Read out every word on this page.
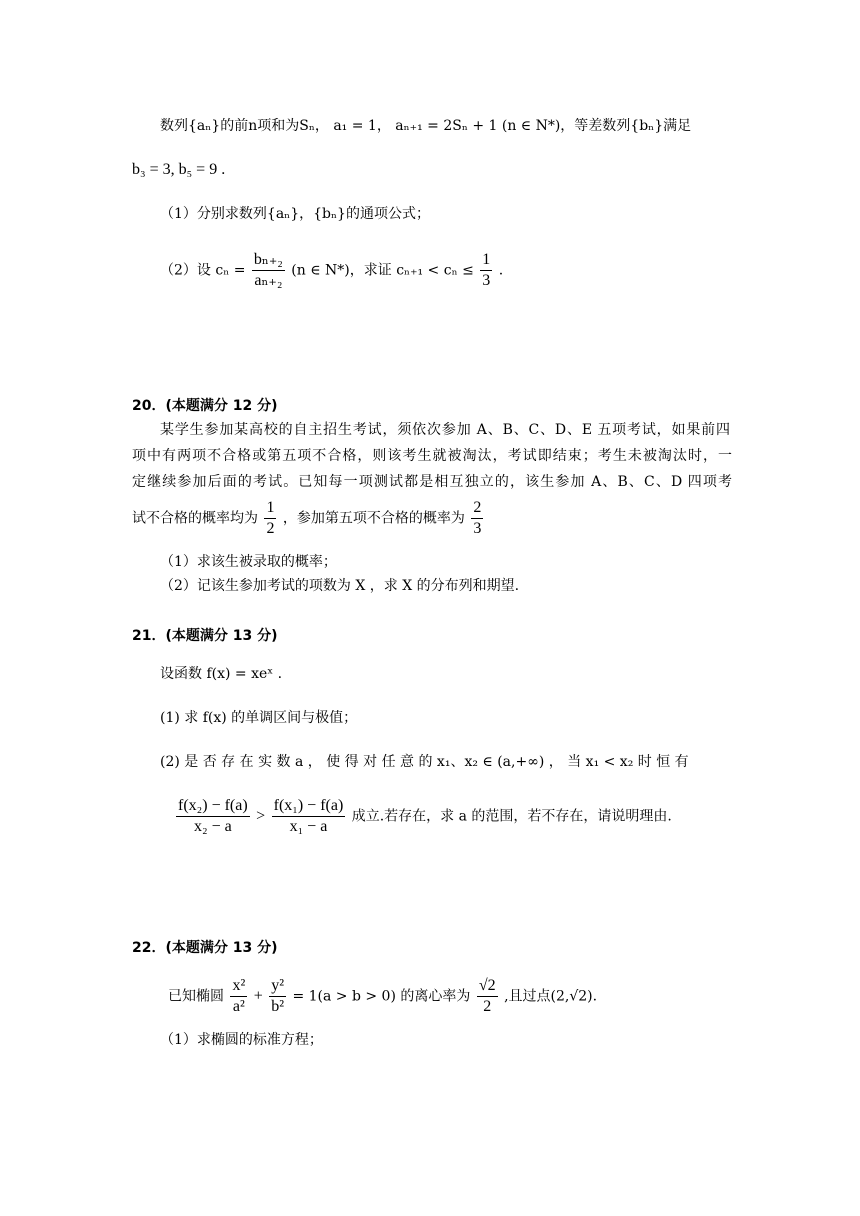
数列{aₙ}的前n项和为Sₙ， a₁ = 1， aₙ₊₁ = 2Sₙ + 1 (n ∈ N*)，等差数列{bₙ}满足
b₃ = 3, b₅ = 9 .
（1）分别求数列{aₙ}，{bₙ}的通项公式；
（2）设 $c_n = \frac{\text{bₙ₊₂}}{\text{aₙ₊₂}} (n$ ∈ N*)，求证 $c_{n+1} < c_n \le \frac{1}{3}$ .
20．(本题满分 12 分)
某学生参加某高校的自主招生考试，须依次参加 A、B、C、D、E 五项考试，如果前四
项中有两项不合格或第五项不合格，则该考生就被淘汰，考试即结束；考生未被淘汰时，一
定继续参加后面的考试。已知每一项测试都是相互独立的，该生参加 A、B、C、D 四项考
试不合格的概率均为 $\frac{1}{2}$ ，参加第五项不合格的概率为 $\frac{2}{3}$
（1）求该生被录取的概率；
（2）记该生参加考试的项数为 X ，求 X 的分布列和期望.
21．(本题满分 13 分)
设函数 f(x) = xeˣ .
(1) 求 f(x) 的单调区间与极值；
(2) 是 否 存 在 实 数 a ， 使 得 对 任 意 的 x₁、x₂ ∈ (a,+∞) ， 当 x₁ < x₂ 时 恒 有
$\frac{\text{f(x₂) − f(a)}}{\text{x₂ − a}} > \frac{\text{f(x₁) − f(a)}}{\text{x₁ − a}}$ 成立.若存在，求 a 的范围，若不存在，请说明理由.
22．(本题满分 13 分)
已知椭圆 $\frac{\text{x²}}{\text{a²}} + \frac{\text{y²}}{\text{b²}} = 1(a > b > 0)$ 的离心率为 $\frac{√2}{2}$ ,且过点(2,√2).
（1）求椭圆的标准方程；
